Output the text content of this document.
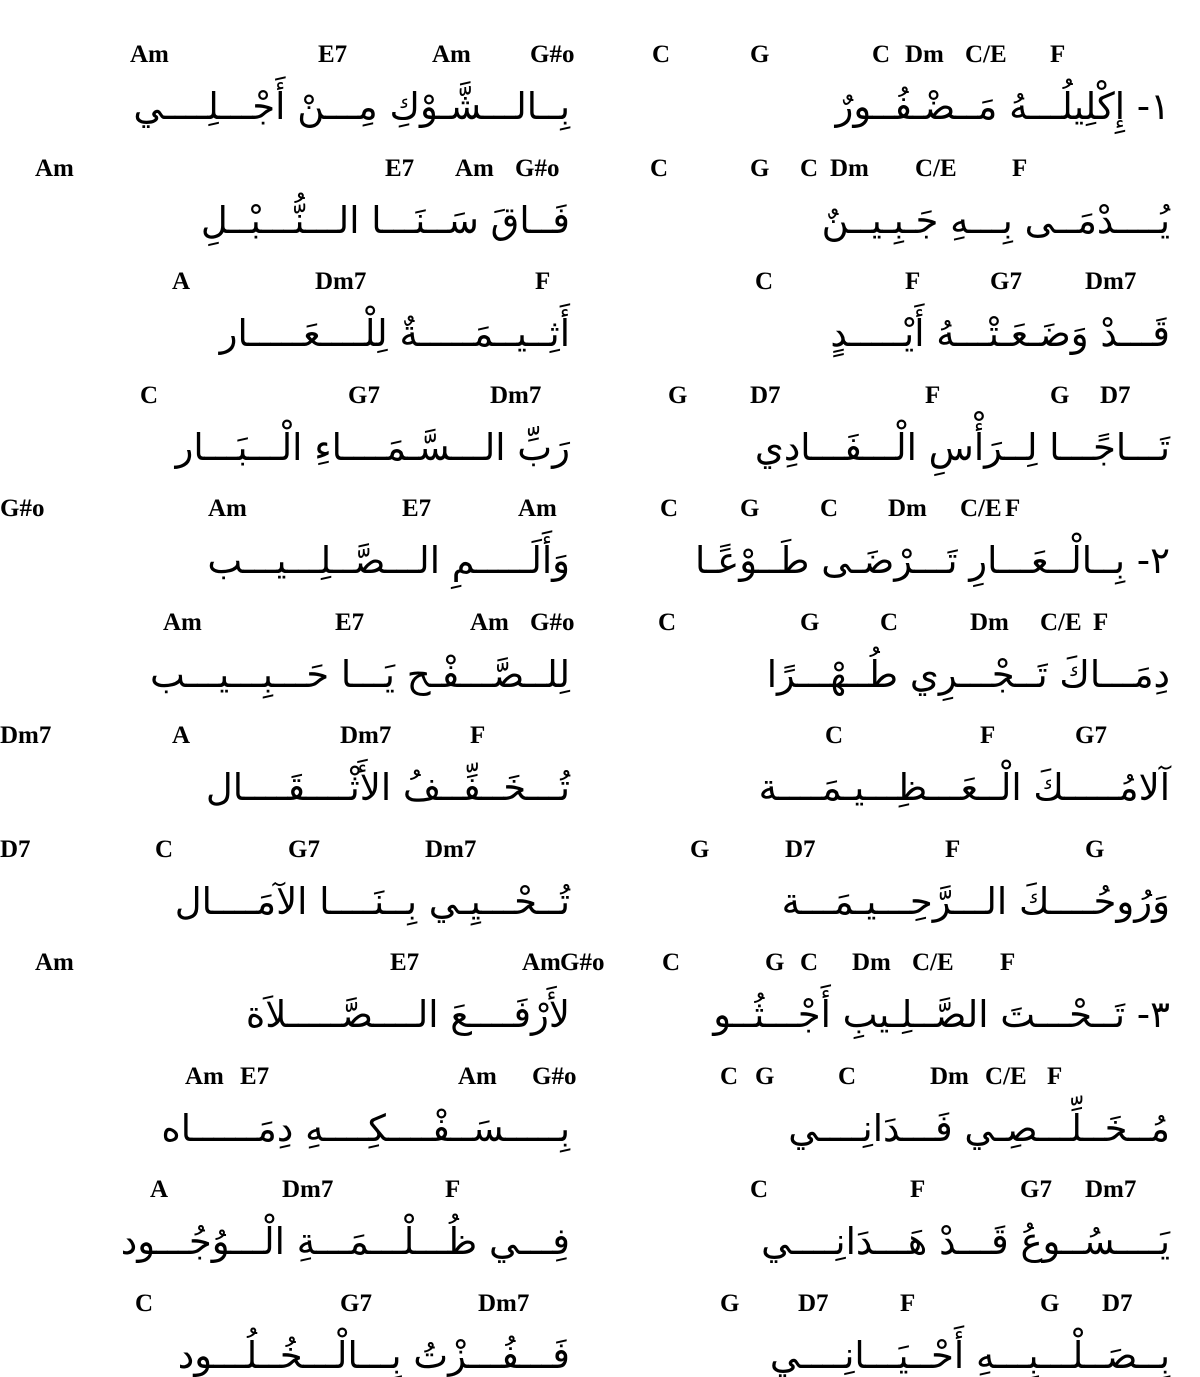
C	G	C Dm C/E F
١- إِكْلِيلُـــهُ مَــضْـفُــورٌ
Am	E7	Am G#o
بِــالـــشَّـوْكِ مِـــنْ أَجْـــلِــــي
C	G C Dm C/E F
يُــــدْمَــى بِـــهِ جَـبِـيــنٌ
Am	E7 Am G#o
فَــاقَ سَــنَـــا الـــنُّـــبْــلِ
C	F	G7	Dm7
قَـــدْ وَضَـعَـتْـــهُ أَيْـــــدٍ
A	Dm7	F
أَثِــيــمَـــــةٌ لِلْــــعَـــــار
G	D7	F	G D7
تَـــاجًـــا لِــرَأْسِ الْـــفَـــادِي
C	G7	Dm7
رَبِّ الـــسَّـمَــــاءِ الْـــبَـــار
C G C Dm C/E F
٢- بِــالْــعَـــارِ تَـــرْضَـى طَــوْعًـا
Am	E7	Am
G#o
وَأَلَـــــمِ الـــصَّــلِـــيـــب
C	G C	Dm C/E F
دِمَـــاكَ تَــجْـــرِي طُــهْـــرًا
Am	E7	Am G#o
لِلــصَّـــفْـح يَـــا حَـــبِـــيـــب
C	F	G7
Dm7
آلامُـــــكَ الْــعَـــظِـــيـمَــــة
A	Dm7	F
تُـــخَــفِّــفُ الأَثْــــقَــــال
G	D7	F	G
D7
وَرُوحُــــكَ الـــرَّحِـــيـمَـــة
C	G7	Dm7
تُــحْـــيِـي بِــنَــــا الآمَــــال
C	G C Dm C/E F
٣- تَــحْـــتَ الصَّــلِـيبِ أَجْـــثُــو
Am	E7	Am G#o
لأَرْفَــــعَ الــــصَّـــــلاَة
C G	C	Dm C/E F
مُــخَــلِّـــصِـي فَـــدَانِــــي
Am E7	Am G#o
بِـــــسَــفْــــكِــــهِ دِمَــــــاه
C	F	G7 Dm7
يَــــسُــوعُ قَـــدْ هَـــدَانِــــي
A	Dm7	F
فِـــي ظُـــلْـــمَـــةِ الْـــوُجُـــود
G D7	F	G D7
بِــصَــلْـــبِـــهِ أَحْــيَـــانِــــي
C	G7	Dm7
فَـــفُـــزْتُ بِـــالْـــخُــلُـــود
